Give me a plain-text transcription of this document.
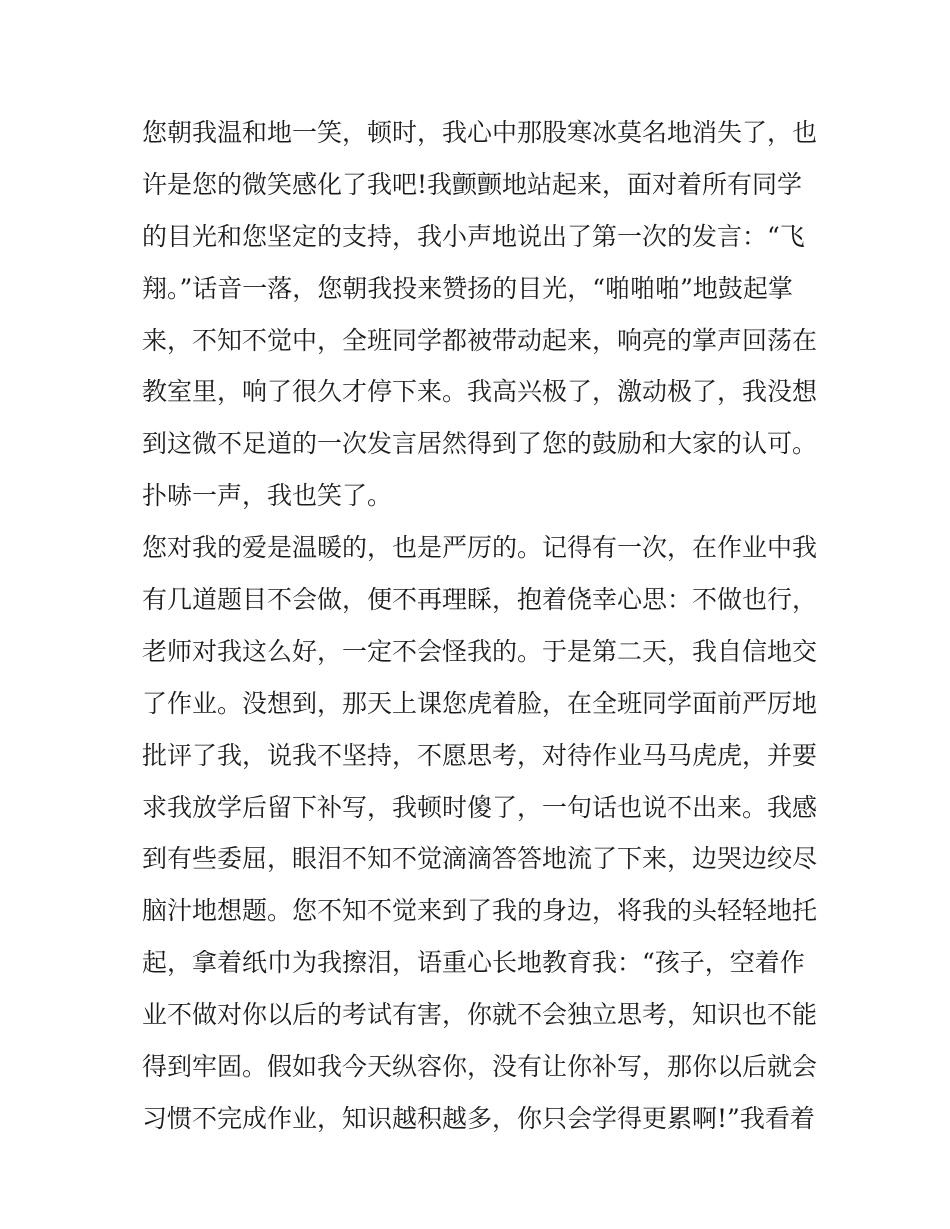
您朝我温和地一笑，顿时，我心中那股寒冰莫名地消失了，也
许是您的微笑感化了我吧!我颤颤地站起来，面对着所有同学
的目光和您坚定的支持，我小声地说出了第一次的发言：“飞
翔。”话音一落，您朝我投来赞扬的目光，“啪啪啪”地鼓起掌
来，不知不觉中，全班同学都被带动起来，响亮的掌声回荡在
教室里，响了很久才停下来。我高兴极了，激动极了，我没想
到这微不足道的一次发言居然得到了您的鼓励和大家的认可。
扑哧一声，我也笑了。
您对我的爱是温暖的，也是严厉的。记得有一次，在作业中我
有几道题目不会做，便不再理睬，抱着侥幸心思：不做也行，
老师对我这么好，一定不会怪我的。于是第二天，我自信地交
了作业。没想到，那天上课您虎着脸，在全班同学面前严厉地
批评了我，说我不坚持，不愿思考，对待作业马马虎虎，并要
求我放学后留下补写，我顿时傻了，一句话也说不出来。我感
到有些委屈，眼泪不知不觉滴滴答答地流了下来，边哭边绞尽
脑汁地想题。您不知不觉来到了我的身边，将我的头轻轻地托
起，拿着纸巾为我擦泪，语重心长地教育我：“孩子，空着作
业不做对你以后的考试有害，你就不会独立思考，知识也不能
得到牢固。假如我今天纵容你，没有让你补写，那你以后就会
习惯不完成作业，知识越积越多，你只会学得更累啊!”我看着
